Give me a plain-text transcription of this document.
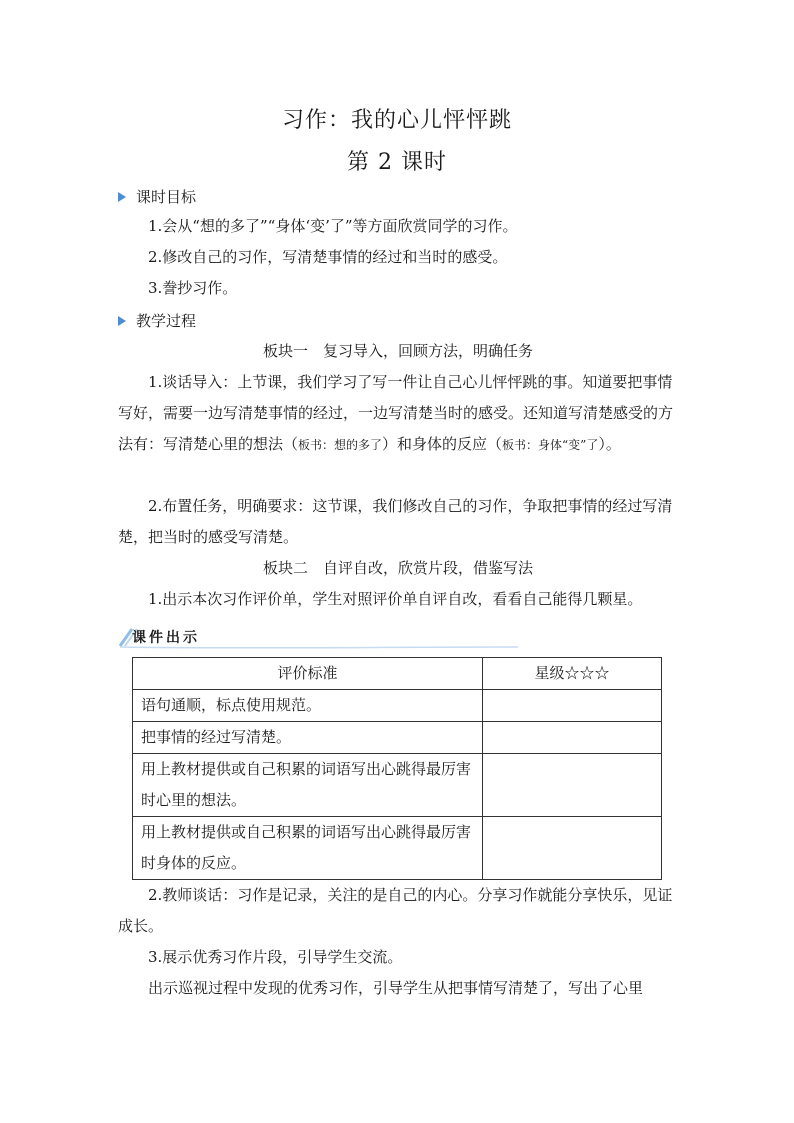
习作：我的心儿怦怦跳
第 2 课时
课时目标
1.会从“想的多了”“身体‘变’了”等方面欣赏同学的习作。
2.修改自己的习作，写清楚事情的经过和当时的感受。
3.誊抄习作。
教学过程
板块一　复习导入，回顾方法，明确任务
1.谈话导入：上节课，我们学习了写一件让自己心儿怦怦跳的事。知道要把事情写好，需要一边写清楚事情的经过，一边写清楚当时的感受。还知道写清楚感受的方法有：写清楚心里的想法（板书：想的多了）和身体的反应（板书：身体“变”了）。
2.布置任务，明确要求：这节课，我们修改自己的习作，争取把事情的经过写清楚，把当时的感受写清楚。
板块二　自评自改，欣赏片段，借鉴写法
1.出示本次习作评价单，学生对照评价单自评自改，看看自己能得几颗星。
课件出示
评价标准	星级☆☆☆
语句通顺，标点使用规范。	
把事情的经过写清楚。	
用上教材提供或自己积累的词语写出心跳得最厉害时心里的想法。	
用上教材提供或自己积累的词语写出心跳得最厉害时身体的反应。	
2.教师谈话：习作是记录，关注的是自己的内心。分享习作就能分享快乐，见证成长。
3.展示优秀习作片段，引导学生交流。
出示巡视过程中发现的优秀习作，引导学生从把事情写清楚了，写出了心里
